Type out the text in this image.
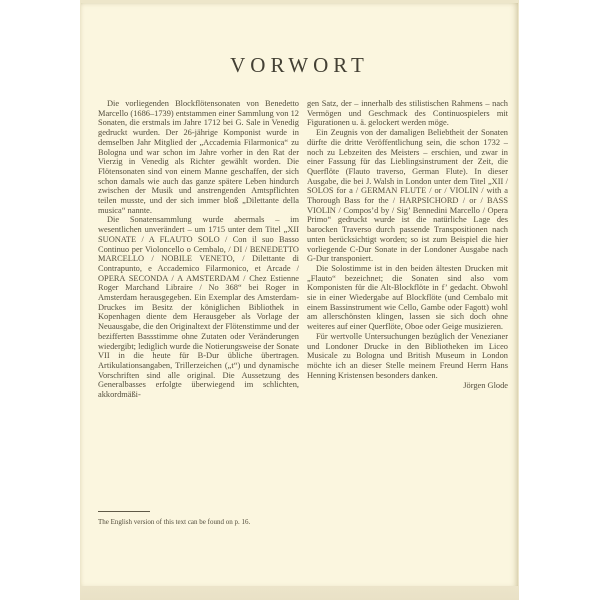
VORWORT

Die vorliegenden Blockflötensonaten von Benedetto Marcello (1686–1739) entstammen einer Sammlung von 12 Sonaten, die erstmals im Jahre 1712 bei G. Sale in Venedig gedruckt wurden. Der 26-jährige Komponist wurde in demselben Jahr Mitglied der „Accademia Filarmonica“ zu Bologna und war schon im Jahre vorher in den Rat der Vierzig in Venedig als Richter gewählt worden. Die Flötensonaten sind von einem Manne geschaffen, der sich schon damals wie auch das ganze spätere Leben hindurch zwischen der Musik und anstrengenden Amtspflichten teilen musste, und der sich immer bloß „Dilettante della musica“ nannte.

Die Sonatensammlung wurde abermals – im wesentlichen unverändert – um 1715 unter dem Titel „XII SUONATE / A FLAUTO SOLO / Con il suo Basso Continuo per Violoncello o Cembalo, / DI / BENEDETTO MARCELLO / NOBILE VENETO, / Dilettante di Contrapunto, e Accademico Filarmonico, et Arcade / OPERA SECONDA / A AMSTERDAM / Chez Estienne Roger Marchand Libraire / No 368“ bei Roger in Amsterdam herausgegeben. Ein Exemplar des Amsterdam-Druckes im Besitz der königlichen Bibliothek in Kopenhagen diente dem Herausgeber als Vorlage der Neuausgabe, die den Originaltext der Flötenstimme und der bezifferten Bassstimme ohne Zutaten oder Veränderungen wiedergibt; lediglich wurde die Notierungsweise der Sonate VII in die heute für B-Dur übliche übertragen. Artikulationsangaben, Trillerzeichen („t“) und dynamische Vorschriften sind alle original. Die Aussetzung des Generalbasses erfolgte überwiegend im schlichten, akkordmäßi-

gen Satz, der – innerhalb des stilistischen Rahmens – nach Vermögen und Geschmack des Continuospielers mit Figurationen u. ä. gelockert werden möge.

Ein Zeugnis von der damaligen Beliebtheit der Sonaten dürfte die dritte Veröffentlichung sein, die schon 1732 – noch zu Lebzeiten des Meisters – erschien, und zwar in einer Fassung für das Lieblingsinstrument der Zeit, die Querflöte (Flauto traverso, German Flute). In dieser Ausgabe, die bei J. Walsh in London unter dem Titel „XII / SOLOS for a / GERMAN FLUTE / or / VIOLIN / with a Thorough Bass for the / HARPSICHORD / or / BASS VIOLIN / Compos’d by / Sig’ Bennedini Marcello / Opera Primo“ gedruckt wurde ist die natürliche Lage des barocken Traverso durch passende Transpositionen nach unten berücksichtigt worden; so ist zum Beispiel die hier vorliegende C-Dur Sonate in der Londoner Ausgabe nach G-Dur transponiert.

Die Solostimme ist in den beiden ältesten Drucken mit „Flauto“ bezeichnet; die Sonaten sind also vom Komponisten für die Alt-Blockflöte in f’ gedacht. Obwohl sie in einer Wiedergabe auf Blockflöte (und Cembalo mit einem Bassinstrument wie Cello, Gambe oder Fagott) wohl am allerschönsten klingen, lassen sie sich doch ohne weiteres auf einer Querflöte, Oboe oder Geige musizieren.

Für wertvolle Untersuchungen bezüglich der Venezianer und Londoner Drucke in den Bibliotheken im Liceo Musicale zu Bologna und British Museum in London möchte ich an dieser Stelle meinem Freund Herrn Hans Henning Kristensen besonders danken.

Jörgen Glode

The English version of this text can be found on p. 16.
